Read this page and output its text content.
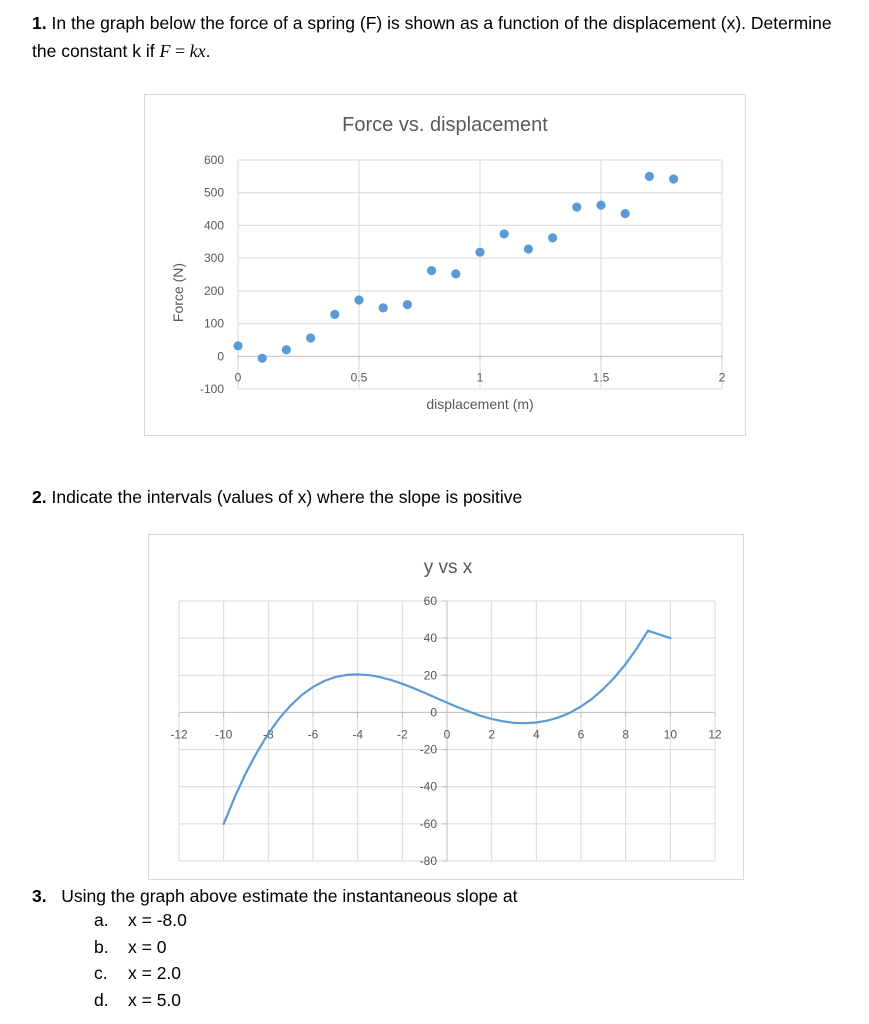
1. In the graph below the force of a spring (F) is shown as a function of the displacement (x). Determine
the constant k if F = kx.
-100
0
100
200
300
400
500
600
0	0.5	1	1.5	2
Force vs. displacement
displacement (m)
Force (N)
2. Indicate the intervals (values of x) where the slope is positive
-12 -10	-8	-6	-4	-2	0	2	4	6	8	10	12
-80
-60
-40
-20
0
20
40
60
y vs x
3. Using the graph above estimate the instantaneous slope at
a. x = -8.0
b. x = 0
c. x = 2.0
d. x = 5.0
